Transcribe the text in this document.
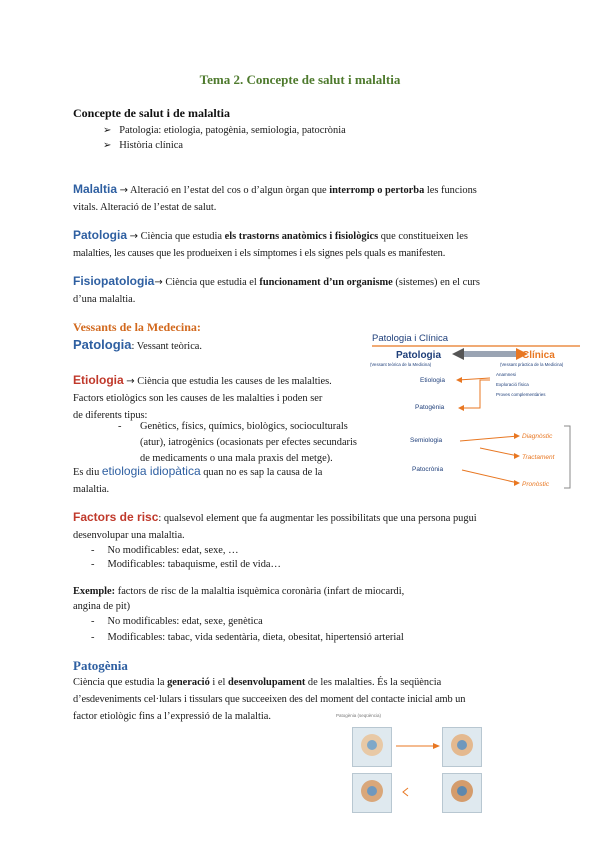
Tema 2. Concepte de salut i malaltia
Concepte de salut i de malaltia
➢ Patologia: etiologia, patogènia, semiologia, patocrònia
➢ Història clínica
Malaltia → Alteració en l’estat del cos o d’algun òrgan que interromp o pertorba les funcions
vitals. Alteració de l’estat de salut.
Patologia → Ciència que estudia els trastorns anatòmics i fisiològics que constitueixen les
malalties, les causes que les produeixen i els símptomes i els signes pels quals es manifesten.
Fisiopatologia→ Ciència que estudia el funcionament d’un organisme (sistemes) en el curs
d’una malaltia.
Vessants de la Medecina:
Patologia: Vessant teòrica.
Etiologia → Ciència que estudia les causes de les malalties.
Factors etiològics son les causes de les malalties i poden ser
de diferents tipus:
- Genètics, físics, químics, biològics, socioculturals
(atur), iatrogènics (ocasionats per efectes secundaris
de medicaments o una mala praxis del metge).
Es diu etiologia idiopàtica quan no es sap la causa de la
malaltia.
Patologia i Clínica
Patologia
(Vessant teòrica de la Medicina)
Clínica
(Vessant pràctica de la Medicina)
Anamnesi
Exploració física
Proves complementàries
Etiologia
Patogènia
Semiologia
Patocrònia
Diagnòstic
Tractament
Pronòstic
Factors de risc: qualsevol element que fa augmentar les possibilitats que una persona pugui
desenvolupar una malaltia.
- No modificables: edat, sexe, …
- Modificables: tabaquisme, estil de vida…
Exemple: factors de risc de la malaltia isquèmica coronària (infart de miocardi,
angina de pit)
- No modificables: edat, sexe, genètica
- Modificables: tabac, vida sedentària, dieta, obesitat, hipertensió arterial
Patogènia
Ciència que estudia la generació i el desenvolupament de les malalties. És la seqüència
d’esdeveniments cel·lulars i tissulars que succeeixen des del moment del contacte inicial amb un
factor etiològic fins a l’expressió de la malaltia.	Patogènia (seqüència)
